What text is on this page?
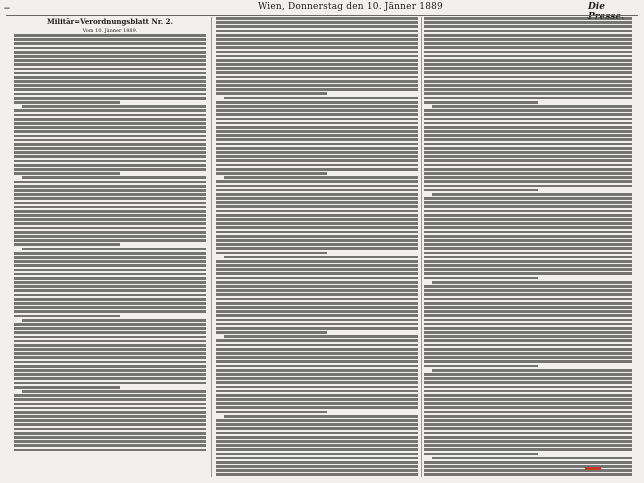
—	Wien, Donnerstag den 10. Jänner 1889	Die
Militär=Verordnungsblatt Nr. 2.
Vom 10. Jänner 1889.
